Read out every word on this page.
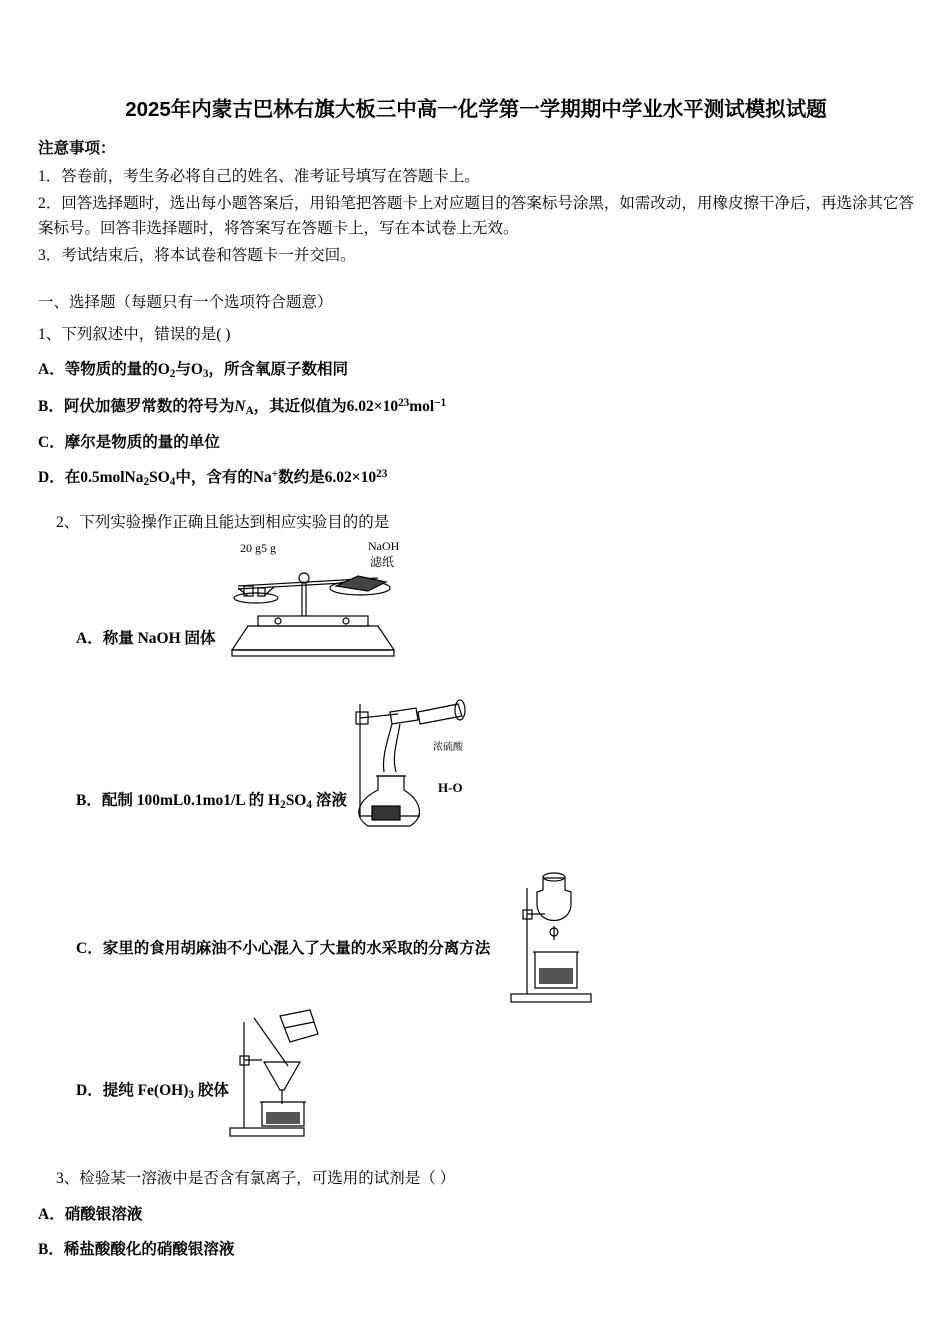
2025年内蒙古巴林右旗大板三中高一化学第一学期期中学业水平测试模拟试题
注意事项：
1．答卷前，考生务必将自己的姓名、准考证号填写在答题卡上。
2．回答选择题时，选出每小题答案后，用铅笔把答题卡上对应题目的答案标号涂黑，如需改动，用橡皮擦干净后，再选涂其它答案标号。回答非选择题时，将答案写在答题卡上，写在本试卷上无效。
3．考试结束后，将本试卷和答题卡一并交回。
一、选择题（每题只有一个选项符合题意）
1、下列叙述中，错误的是( )
A．等物质的量的$O_2$与$O_3$，所含氧原子数相同
B．阿伏加德罗常数的符号为$N_A$，其近似值为$6.02\times 10^{23}mol^{-1}$
C．摩尔是物质的量的单位
D．在$0.5molNa_2SO_4$中，含有的Na+数约是$6.02\times 10^{23}$
2、下列实验操作正确且能达到相应实验目的的是
20 g5 g	NaOH
滤纸
A．称量 NaOH 固体
浓硫酸
H-O
B．配制 100mL0.1mo1/L 的 $H_2SO_4$ 溶液
C．家里的食用胡麻油不小心混入了大量的水采取的分离方法
D．提纯 $Fe(OH)_3$ 胶体
3、检验某一溶液中是否含有氯离子，可选用的试剂是（ ）
A．硝酸银溶液
B．稀盐酸酸化的硝酸银溶液
